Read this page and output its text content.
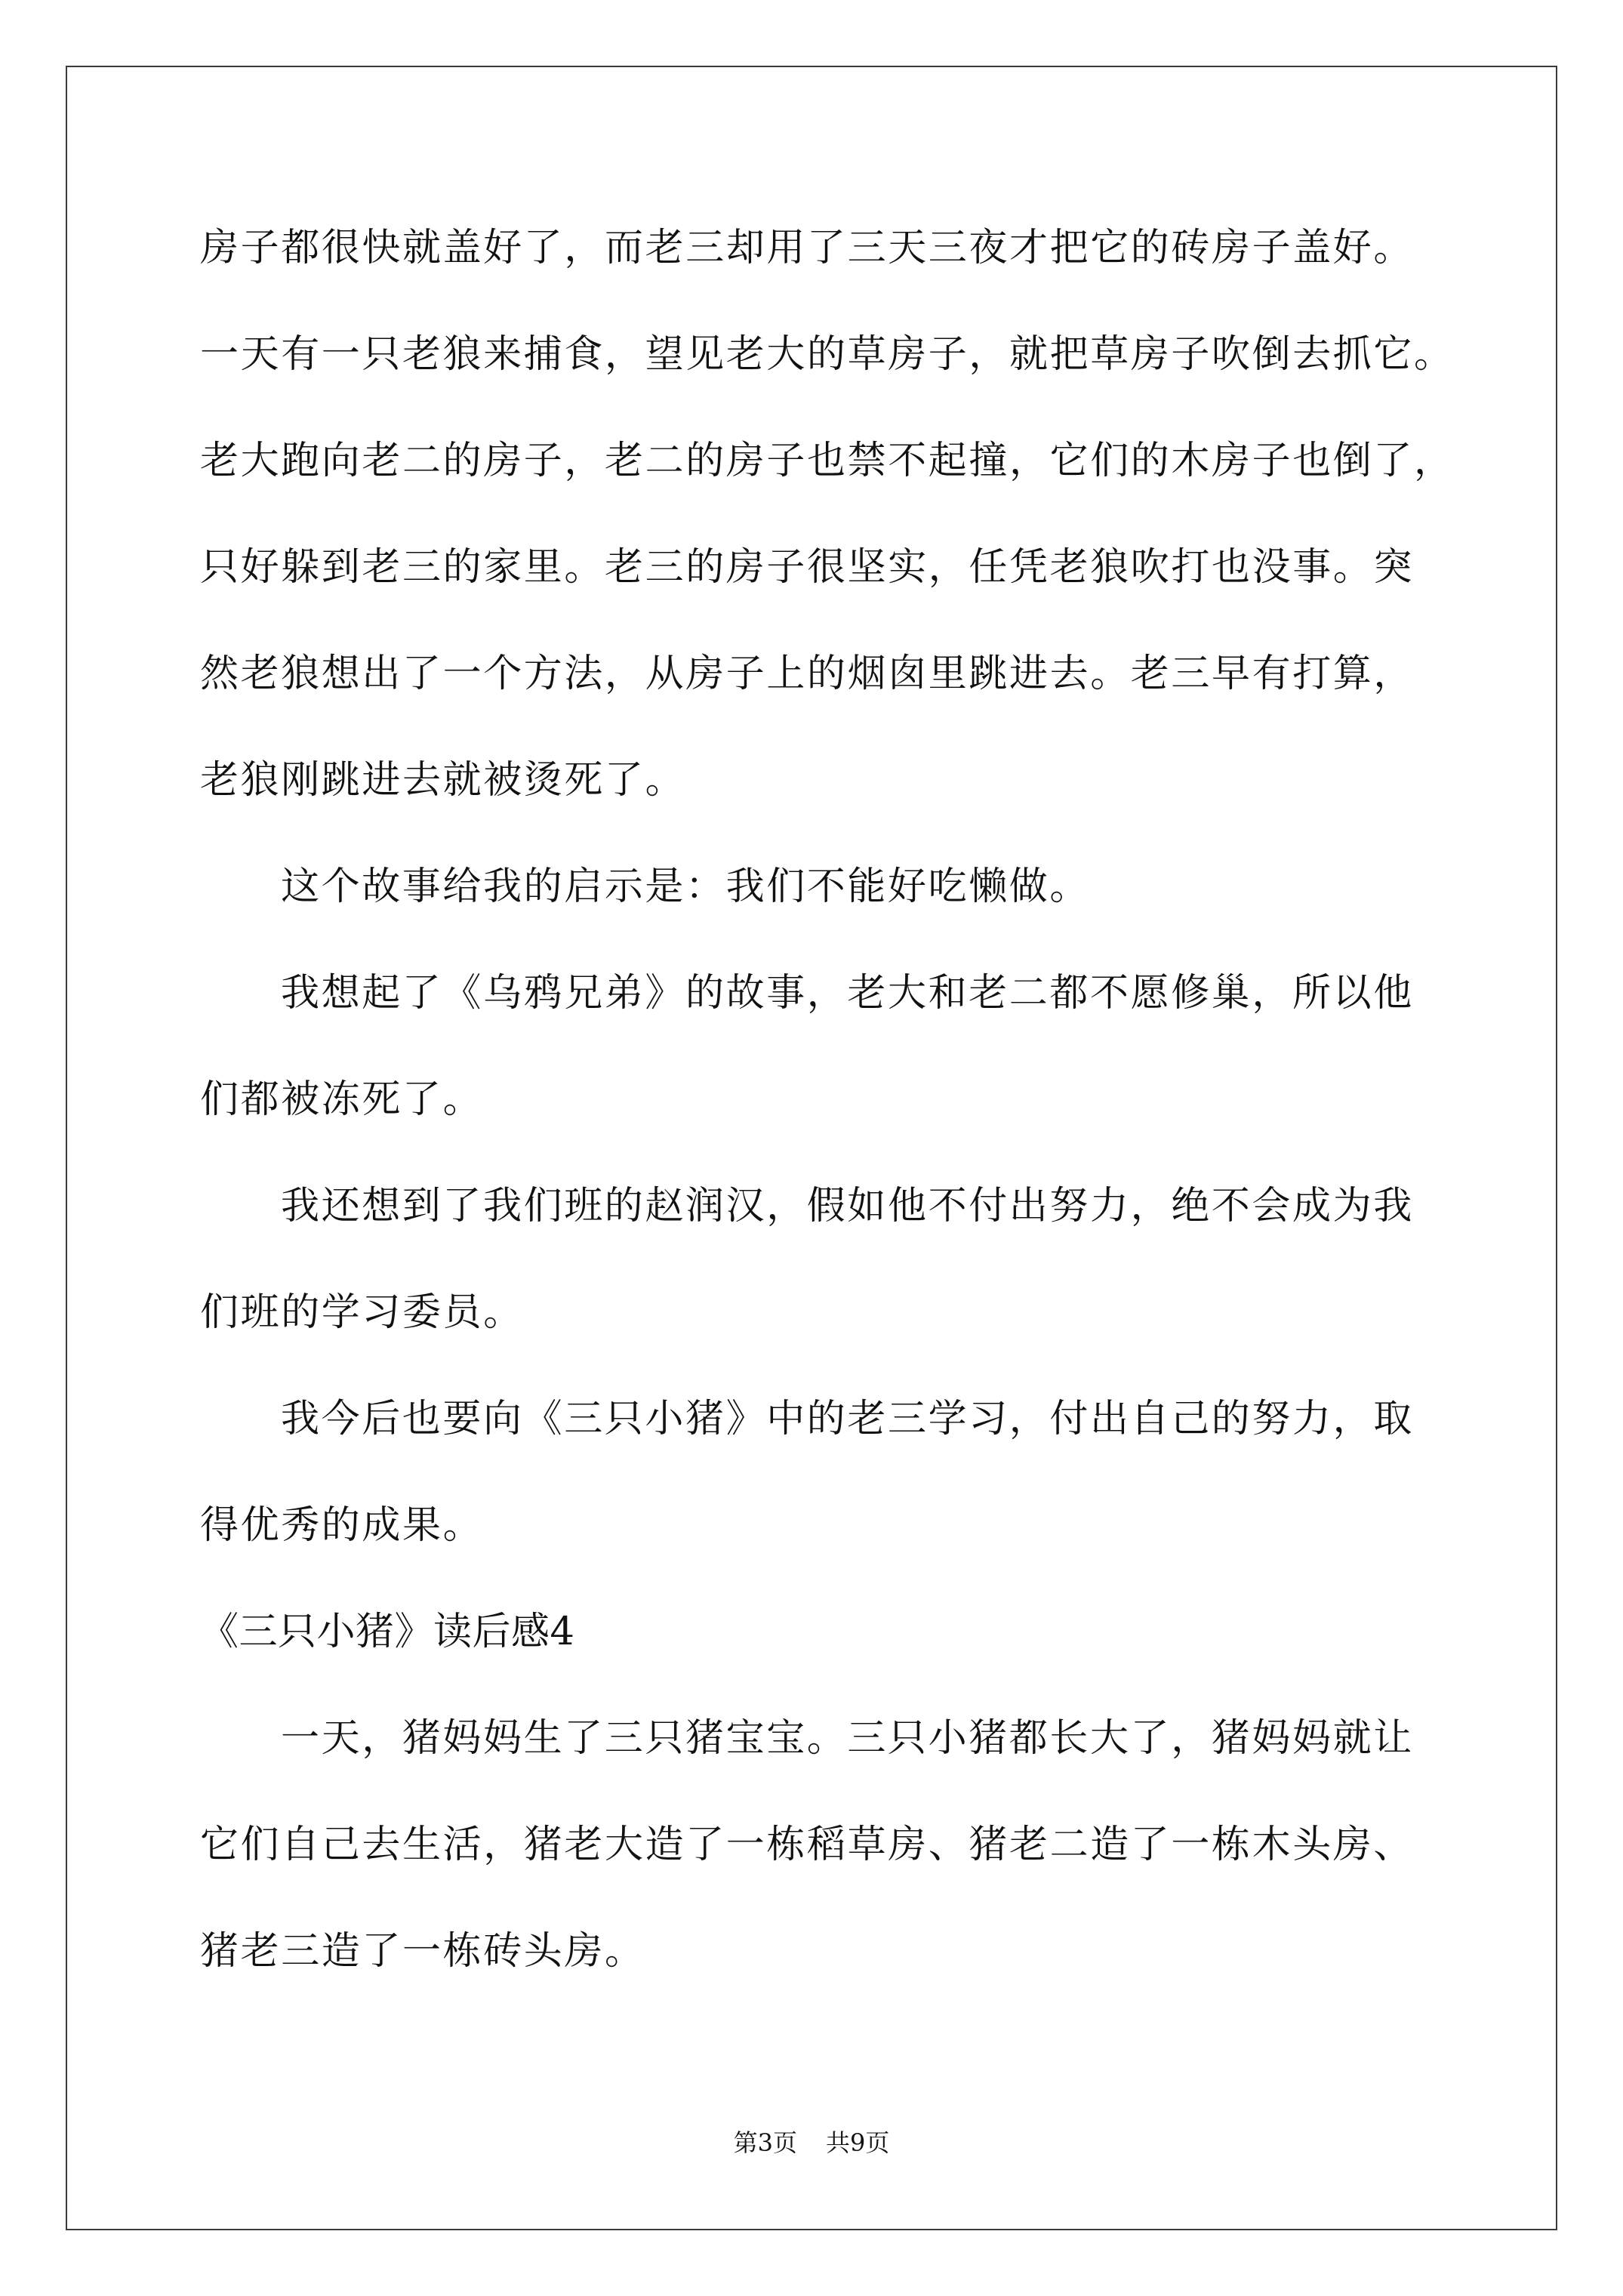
房子都很快就盖好了，而老三却用了三天三夜才把它的砖房子盖好。
一天有一只老狼来捕食，望见老大的草房子，就把草房子吹倒去抓它。
老大跑向老二的房子，老二的房子也禁不起撞，它们的木房子也倒了，
只好躲到老三的家里。老三的房子很坚实，任凭老狼吹打也没事。突
然老狼想出了一个方法，从房子上的烟囱里跳进去。老三早有打算，
老狼刚跳进去就被烫死了。
这个故事给我的启示是：我们不能好吃懒做。
我想起了《乌鸦兄弟》的故事，老大和老二都不愿修巢，所以他
们都被冻死了。
我还想到了我们班的赵润汉，假如他不付出努力，绝不会成为我
们班的学习委员。
我今后也要向《三只小猪》中的老三学习，付出自己的努力，取
得优秀的成果。
《三只小猪》读后感4
一天，猪妈妈生了三只猪宝宝。三只小猪都长大了，猪妈妈就让
它们自己去生活，猪老大造了一栋稻草房、猪老二造了一栋木头房、
猪老三造了一栋砖头房。
第3页 共9页
